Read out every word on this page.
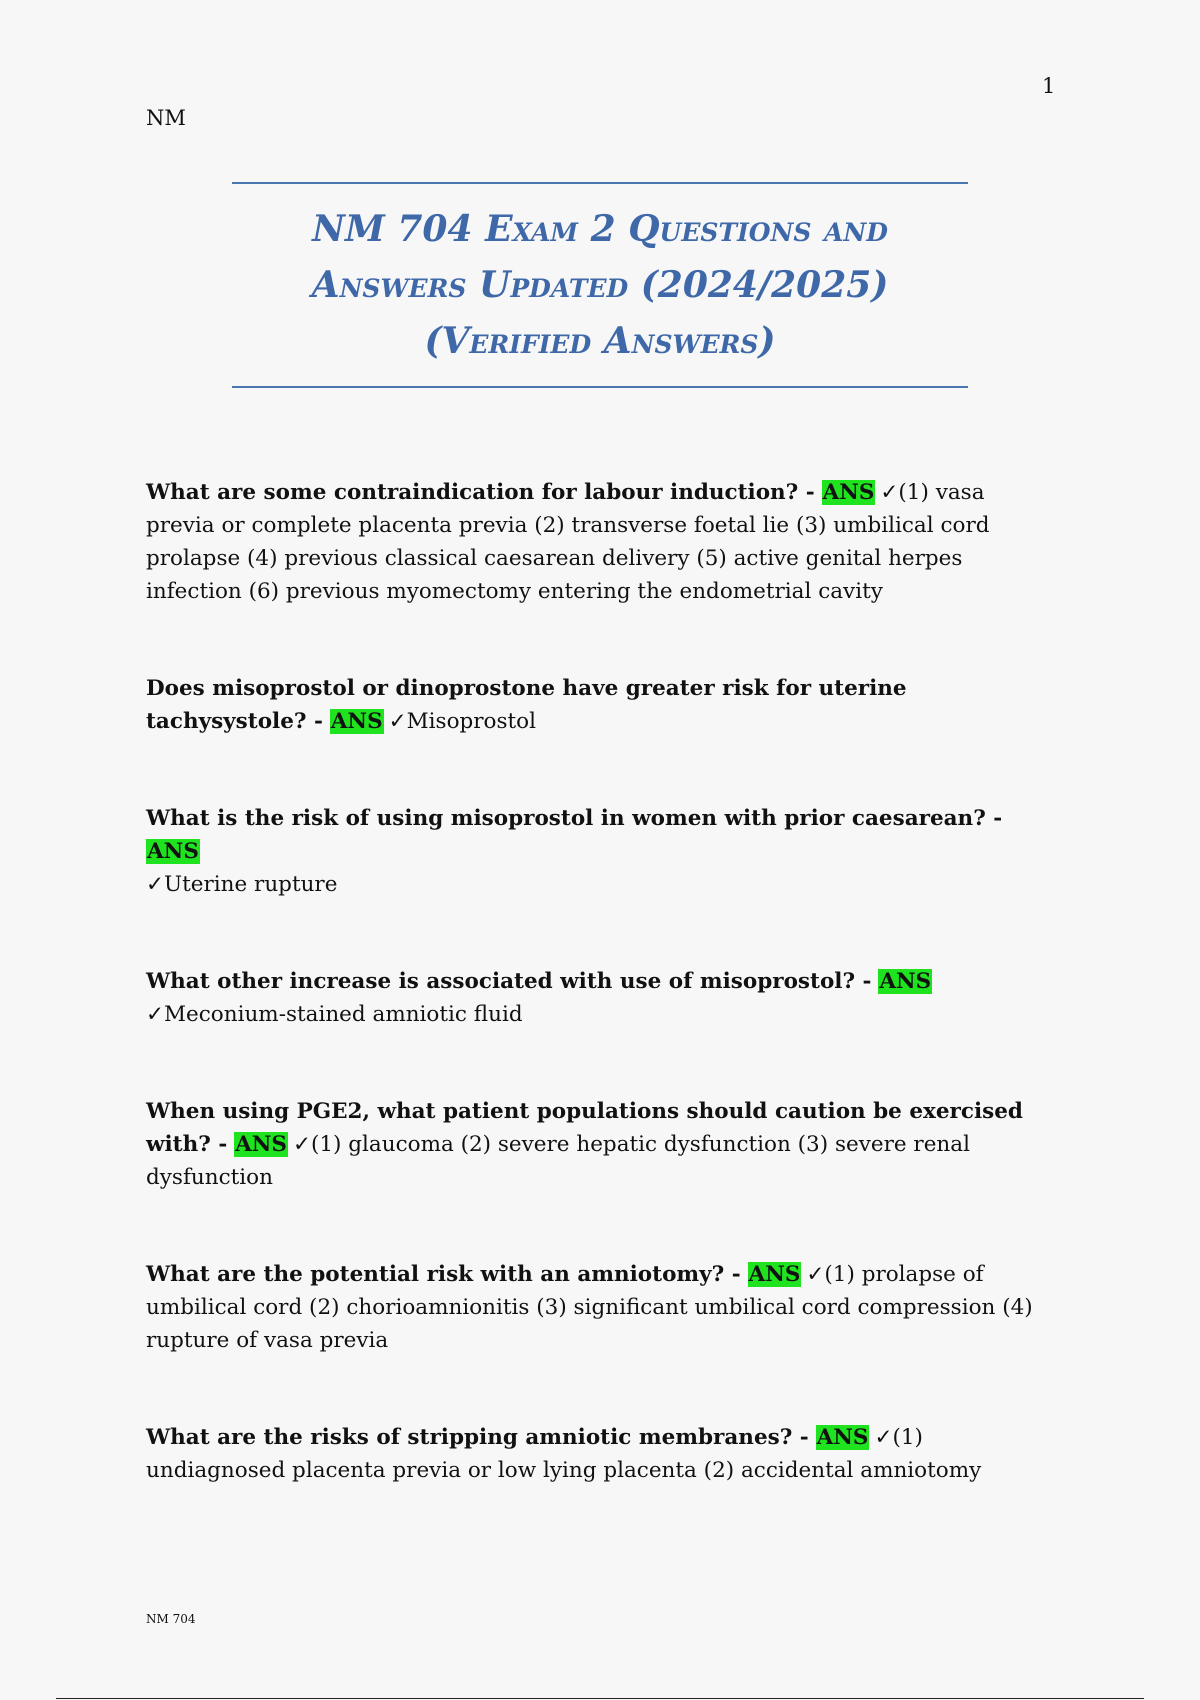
1
NM
NM 704 Exam 2 Questions and
Answers Updated (2024/2025)
(Verified Answers)

What are some contraindication for labour induction? - ANS ✓(1) vasa previa or complete placenta previa (2) transverse foetal lie (3) umbilical cord prolapse (4) previous classical caesarean delivery (5) active genital herpes infection (6) previous myomectomy entering the endometrial cavity

Does misoprostol or dinoprostone have greater risk for uterine tachysystole? - ANS ✓Misoprostol

What is the risk of using misoprostol in women with prior caesarean? - ANS
✓Uterine rupture

What other increase is associated with use of misoprostol? - ANS
✓Meconium-stained amniotic fluid

When using PGE2, what patient populations should caution be exercised with? - ANS ✓(1) glaucoma (2) severe hepatic dysfunction (3) severe renal dysfunction

What are the potential risk with an amniotomy? - ANS ✓(1) prolapse of umbilical cord (2) chorioamnionitis (3) significant umbilical cord compression (4) rupture of vasa previa

What are the risks of stripping amniotic membranes? - ANS ✓(1) undiagnosed placenta previa or low lying placenta (2) accidental amniotomy

NM 704
